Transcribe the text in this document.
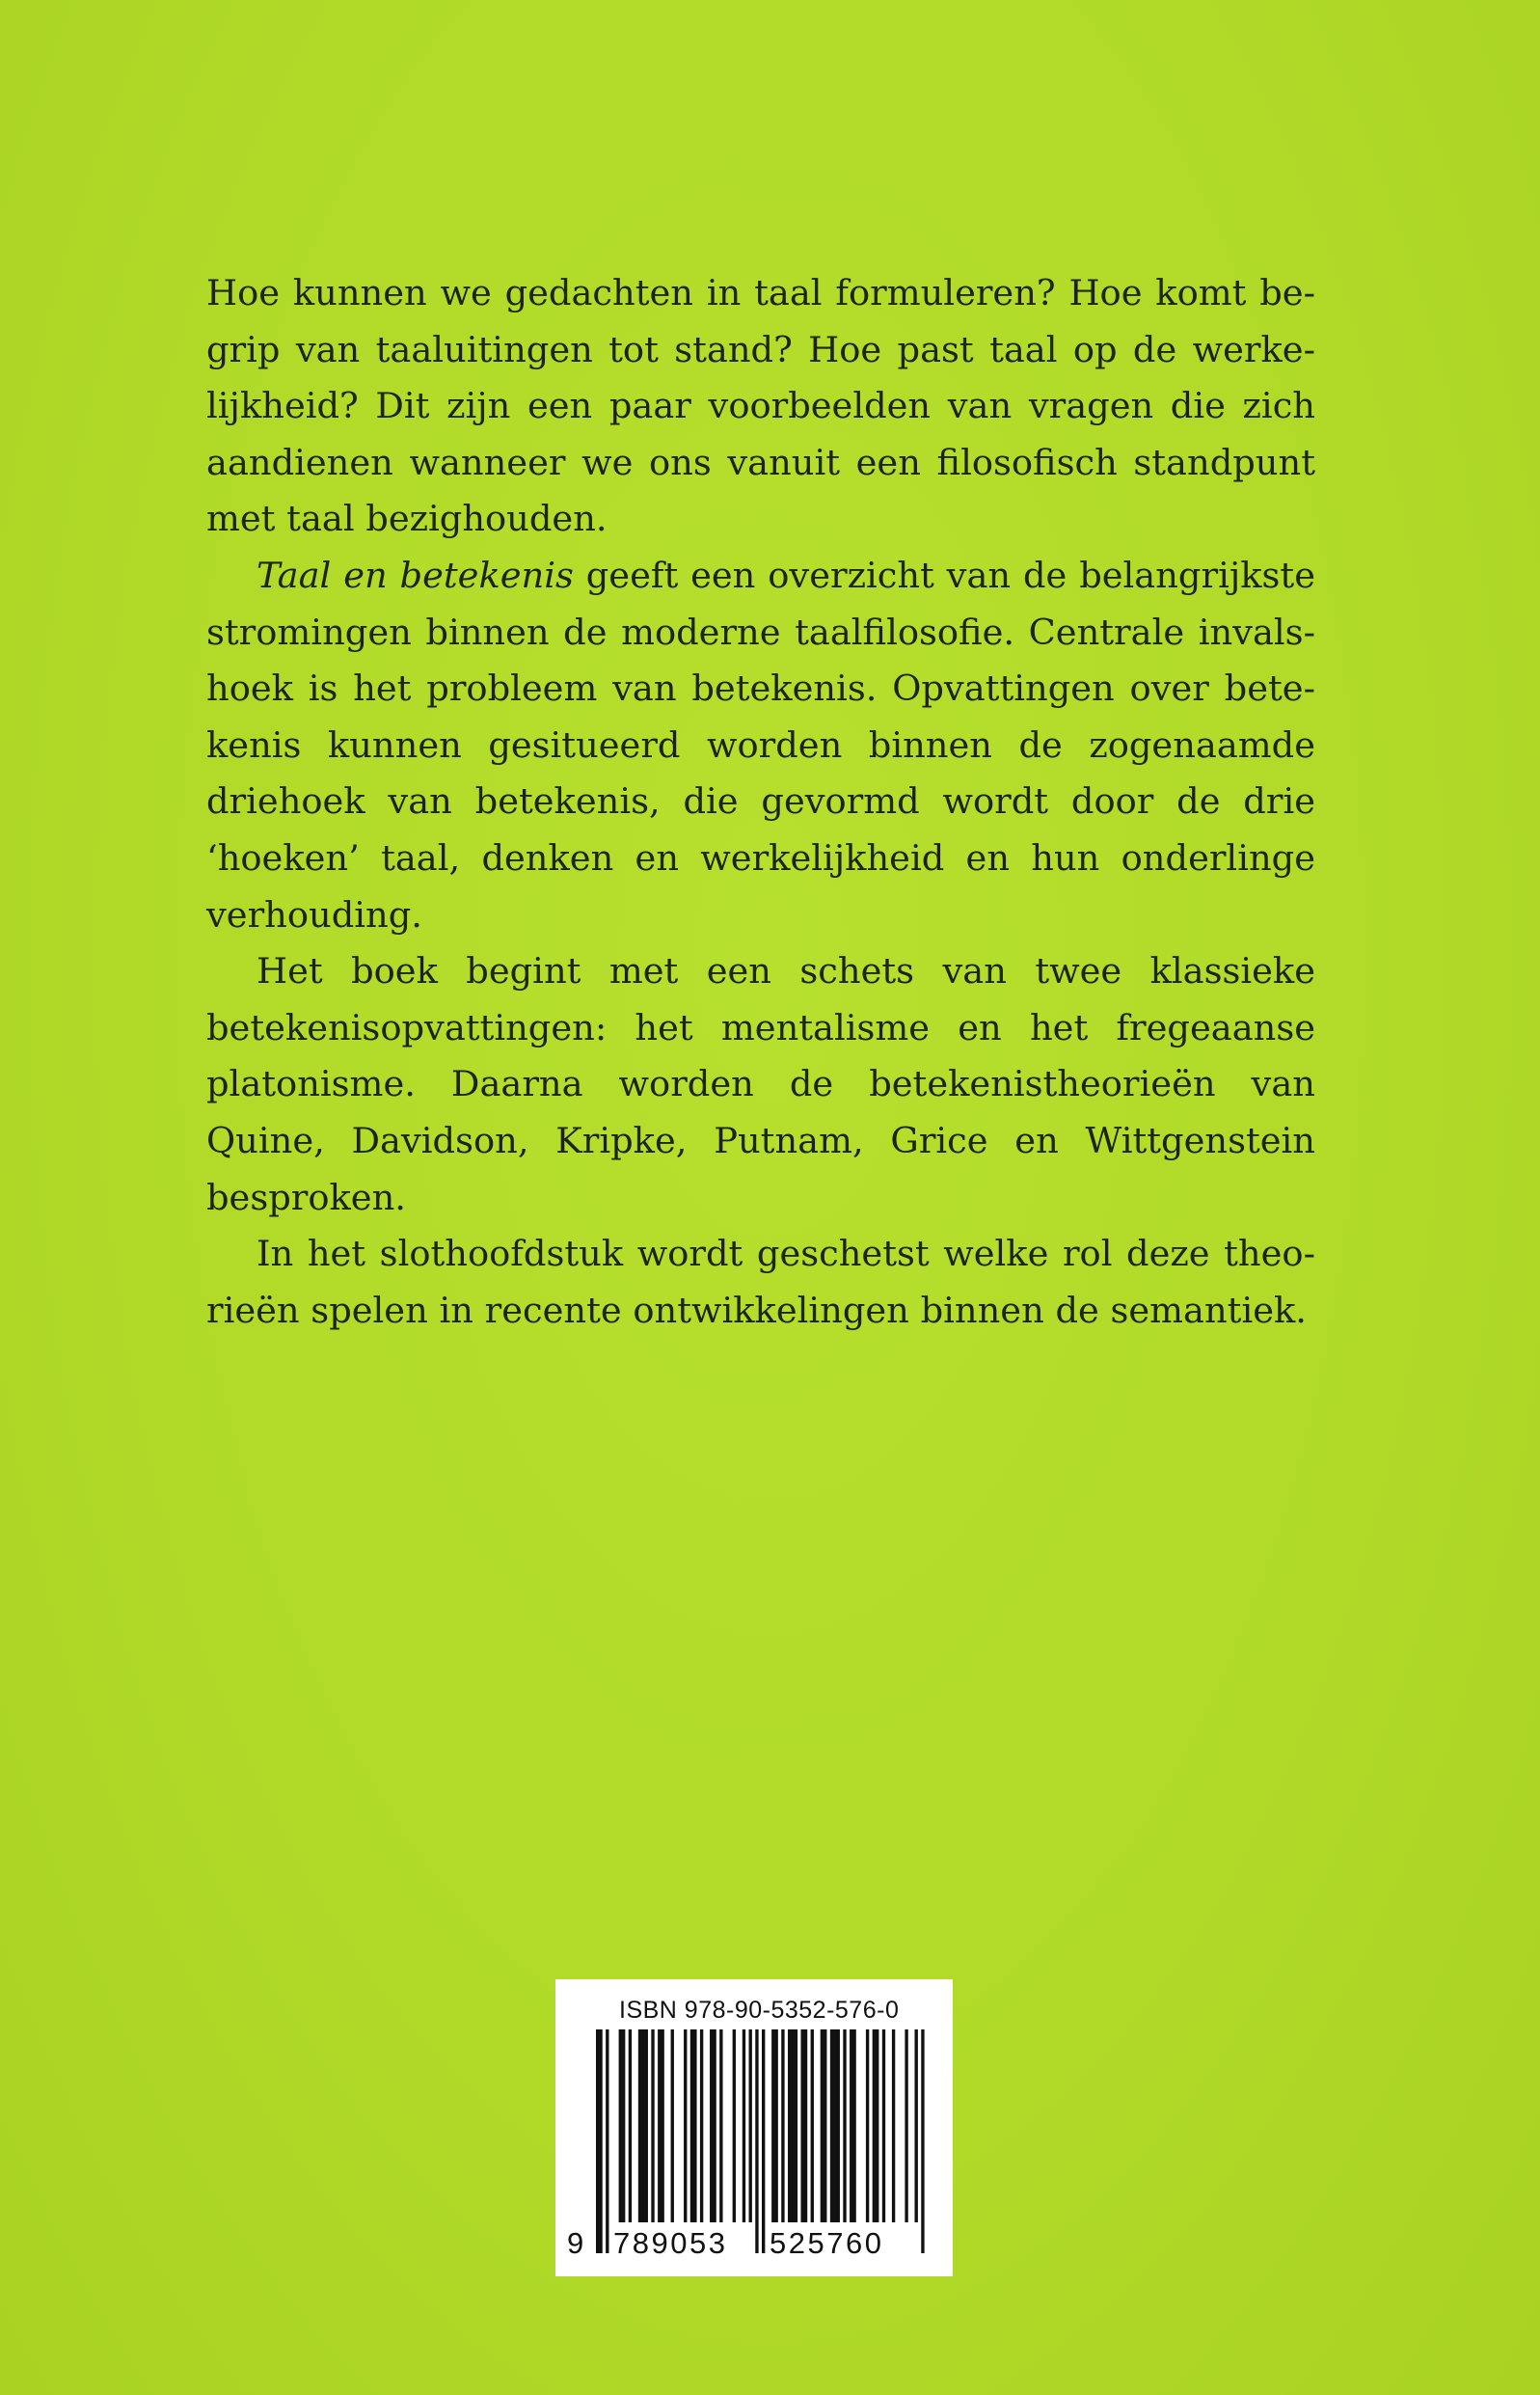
Hoe kunnen we gedachten in taal formuleren? Hoe komt begrip van taaluitingen tot stand? Hoe past taal op de werkelijkheid? Dit zijn een paar voorbeelden van vragen die zich aandienen wanneer we ons vanuit een filosofisch standpunt met taal bezighouden.

Taal en betekenis geeft een overzicht van de belangrijkste stromingen binnen de moderne taalfilosofie. Centrale invalshoek is het probleem van betekenis. Opvattingen over betekenis kunnen gesitueerd worden binnen de zogenaamde driehoek van betekenis, die gevormd wordt door de drie ‘hoeken’ taal, denken en werkelijkheid en hun onderlinge verhouding.

Het boek begint met een schets van twee klassieke betekenisopvattingen: het mentalisme en het fregeaanse platonisme. Daarna worden de betekenistheorieën van Quine, Davidson, Kripke, Putnam, Grice en Wittgenstein besproken.

In het slothoofdstuk wordt geschetst welke rol deze theorieën spelen in recente ontwikkelingen binnen de semantiek.

ISBN 978-90-5352-576-0
9 789053 525760
